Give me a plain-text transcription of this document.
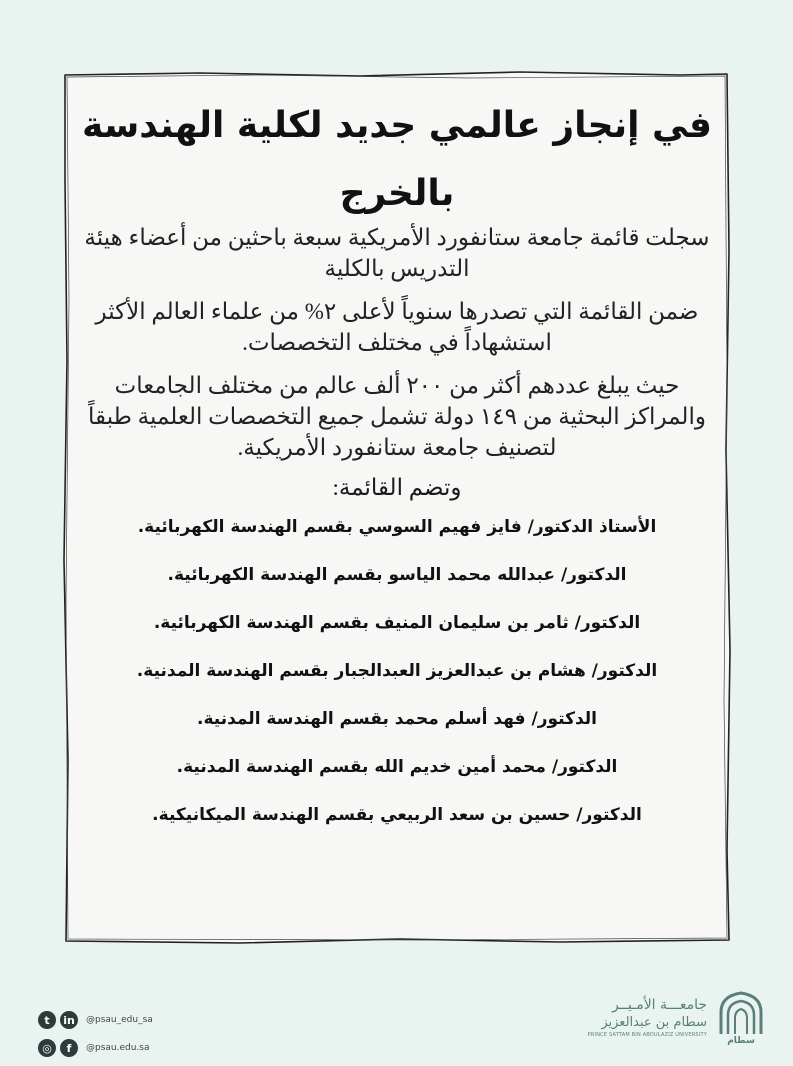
في إنجاز عالمي جديد لكلية الهندسة
بالخرج

سجلت قائمة جامعة ستانفورد الأمريكية سبعة باحثين من أعضاء هيئة التدريس بالكلية

ضمن القائمة التي تصدرها سنوياً لأعلى ٢% من علماء العالم الأكثر استشهاداً في مختلف التخصصات.

حيث يبلغ عددهم أكثر من ٢٠٠ ألف عالم من مختلف الجامعات والمراكز البحثية من ١٤٩ دولة تشمل جميع التخصصات العلمية طبقاً لتصنيف جامعة ستانفورد الأمريكية.

وتضم القائمة:
الأستاذ الدكتور/ فايز فهيم السوسي بقسم الهندسة الكهربائية.
الدكتور/ عبدالله محمد الياسو بقسم الهندسة الكهربائية.
الدكتور/ ثامر بن سليمان المنيف بقسم الهندسة الكهربائية.
الدكتور/ هشام بن عبدالعزيز العبدالجبار بقسم الهندسة المدنية.
الدكتور/ فهد أسلم محمد بقسم الهندسة المدنية.
الدكتور/ محمد أمين خديم الله بقسم الهندسة المدنية.
الدكتور/ حسين بن سعد الربيعي بقسم الهندسة الميكانيكية.
t	in	@psau_edu_sa
◎	f	@psau.edu.sa
جامعـــة الأمـيــر
سطام بن عبدالعزيز
PRINCE SATTAM BIN ABDULAZIZ UNIVERSITY
سطام
